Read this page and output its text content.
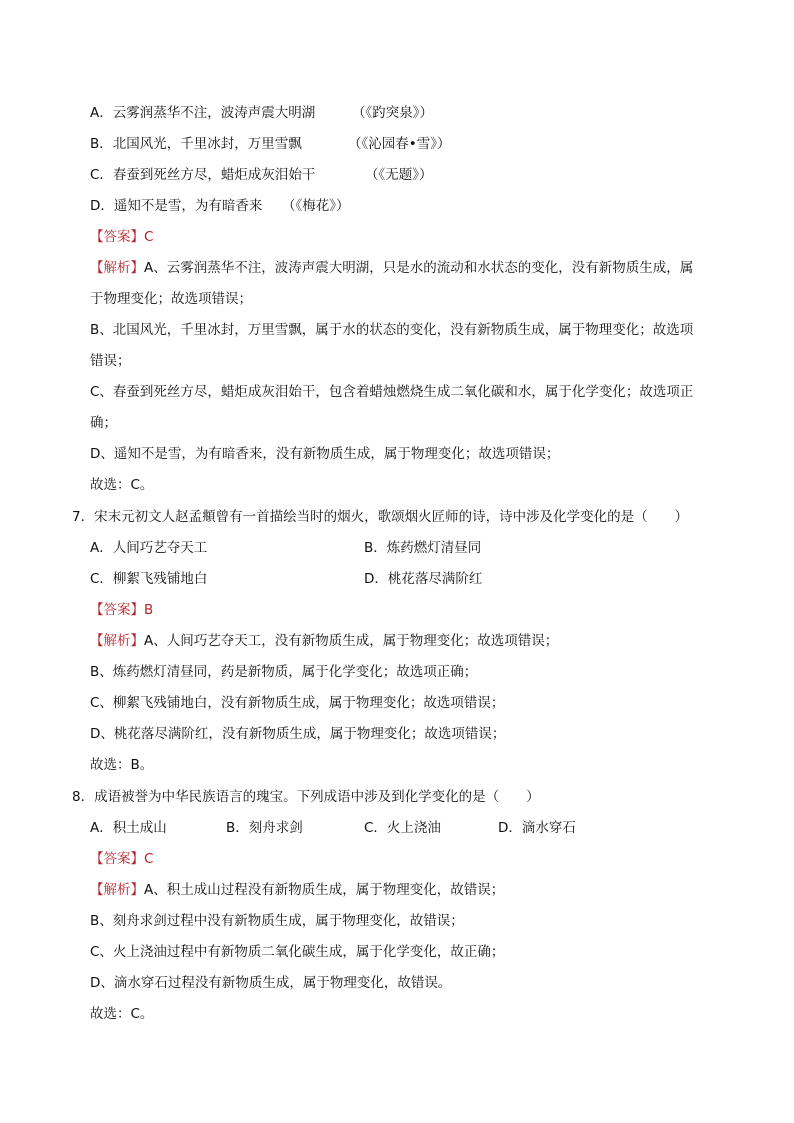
A．云雾润蒸华不注，波涛声震大明湖	（《趵突泉》）
B．北国风光，千里冰封，万里雪飘	（《沁园春•雪》）
C．春蚕到死丝方尽，蜡炬成灰泪始干	（《无题》）
D．遥知不是雪，为有暗香来 （《梅花》）
【答案】C
【解析】A、云雾润蒸华不注，波涛声震大明湖，只是水的流动和水状态的变化，没有新物质生成，属
于物理变化；故选项错误；
B、北国风光，千里冰封，万里雪飘，属于水的状态的变化，没有新物质生成，属于物理变化；故选项
错误；
C、春蚕到死丝方尽，蜡炬成灰泪始干，包含着蜡烛燃烧生成二氧化碳和水，属于化学变化；故选项正
确；
D、遥知不是雪，为有暗香来，没有新物质生成，属于物理变化；故选项错误；
故选：C。
7．宋末元初文人赵孟頫曾有一首描绘当时的烟火，歌颂烟火匠师的诗，诗中涉及化学变化的是（　　）
A．人间巧艺夺天工	B．炼药燃灯清昼同
C．柳絮飞残铺地白	D．桃花落尽满阶红
【答案】B
【解析】A、人间巧艺夺天工，没有新物质生成，属于物理变化；故选项错误；
B、炼药燃灯清昼同，药是新物质，属于化学变化；故选项正确；
C、柳絮飞残铺地白，没有新物质生成，属于物理变化；故选项错误；
D、桃花落尽满阶红，没有新物质生成，属于物理变化；故选项错误；
故选：B。
8．成语被誉为中华民族语言的瑰宝。下列成语中涉及到化学变化的是（　　）
A．积土成山	B．刻舟求剑	C．火上浇油	D．滴水穿石
【答案】C
【解析】A、积土成山过程没有新物质生成，属于物理变化，故错误；
B、刻舟求剑过程中没有新物质生成，属于物理变化，故错误；
C、火上浇油过程中有新物质二氧化碳生成，属于化学变化，故正确；
D、滴水穿石过程没有新物质生成，属于物理变化，故错误。
故选：C。
